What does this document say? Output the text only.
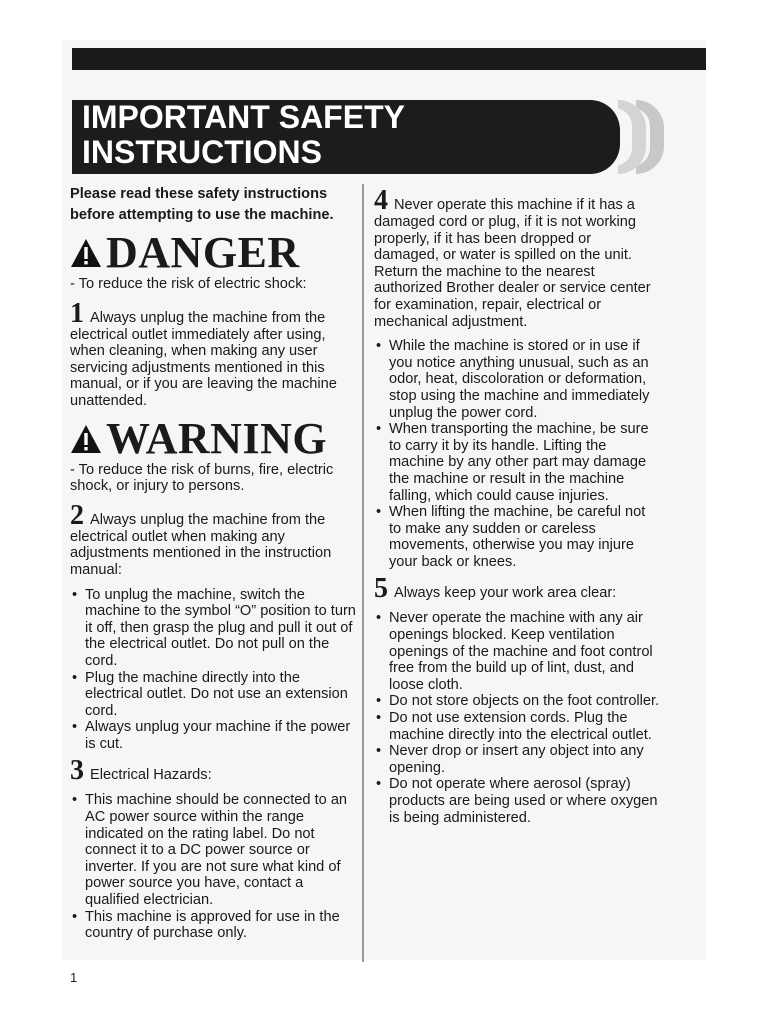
IMPORTANT SAFETY
INSTRUCTIONS

Please read these safety instructions before attempting to use the machine.

DANGER

- To reduce the risk of electric shock:

1 Always unplug the machine from the electrical outlet immediately after using, when cleaning, when making any user servicing adjustments mentioned in this manual, or if you are leaving the machine unattended.

WARNING

- To reduce the risk of burns, fire, electric shock, or injury to persons.

2 Always unplug the machine from the electrical outlet when making any adjustments mentioned in the instruction manual:

• To unplug the machine, switch the machine to the symbol “O” position to turn it off, then grasp the plug and pull it out of the electrical outlet. Do not pull on the cord.
• Plug the machine directly into the electrical outlet. Do not use an extension cord.
• Always unplug your machine if the power is cut.

3 Electrical Hazards:

• This machine should be connected to an AC power source within the range indicated on the rating label. Do not connect it to a DC power source or inverter. If you are not sure what kind of power source you have, contact a qualified electrician.
• This machine is approved for use in the country of purchase only.

4 Never operate this machine if it has a damaged cord or plug, if it is not working properly, if it has been dropped or damaged, or water is spilled on the unit. Return the machine to the nearest authorized Brother dealer or service center for examination, repair, electrical or mechanical adjustment.

• While the machine is stored or in use if you notice anything unusual, such as an odor, heat, discoloration or deformation, stop using the machine and immediately unplug the power cord.
• When transporting the machine, be sure to carry it by its handle. Lifting the machine by any other part may damage the machine or result in the machine falling, which could cause injuries.
• When lifting the machine, be careful not to make any sudden or careless movements, otherwise you may injure your back or knees.

5 Always keep your work area clear:

• Never operate the machine with any air openings blocked. Keep ventilation openings of the machine and foot control free from the build up of lint, dust, and loose cloth.
• Do not store objects on the foot controller.
• Do not use extension cords. Plug the machine directly into the electrical outlet.
• Never drop or insert any object into any opening.
• Do not operate where aerosol (spray) products are being used or where oxygen is being administered.
1
